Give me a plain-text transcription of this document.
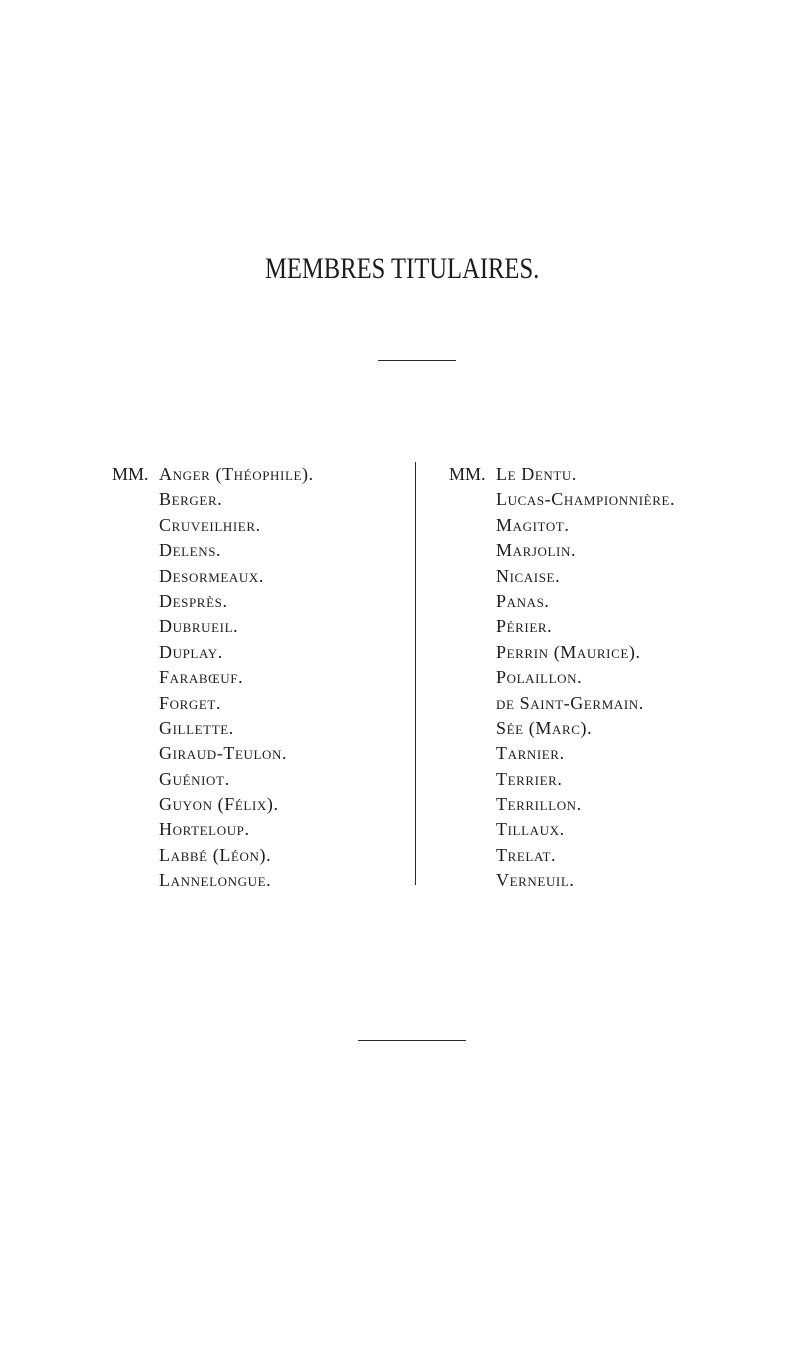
MEMBRES TITULAIRES.
MM. Anger (Théophile).
Berger.
Cruveilhier.
Delens.
Desormeaux.
Desprès.
Dubrueil.
Duplay.
Farabœuf.
Forget.
Gillette.
Giraud-Teulon.
Guéniot.
Guyon (Félix).
Horteloup.
Labbé (Léon).
Lannelongue.
MM. Le Dentu.
Lucas-Championnière.
Magitot.
Marjolin.
Nicaise.
Panas.
Périer.
Perrin (Maurice).
Polaillon.
de Saint-Germain.
Sée (Marc).
Tarnier.
Terrier.
Terrillon.
Tillaux.
Trelat.
Verneuil.
